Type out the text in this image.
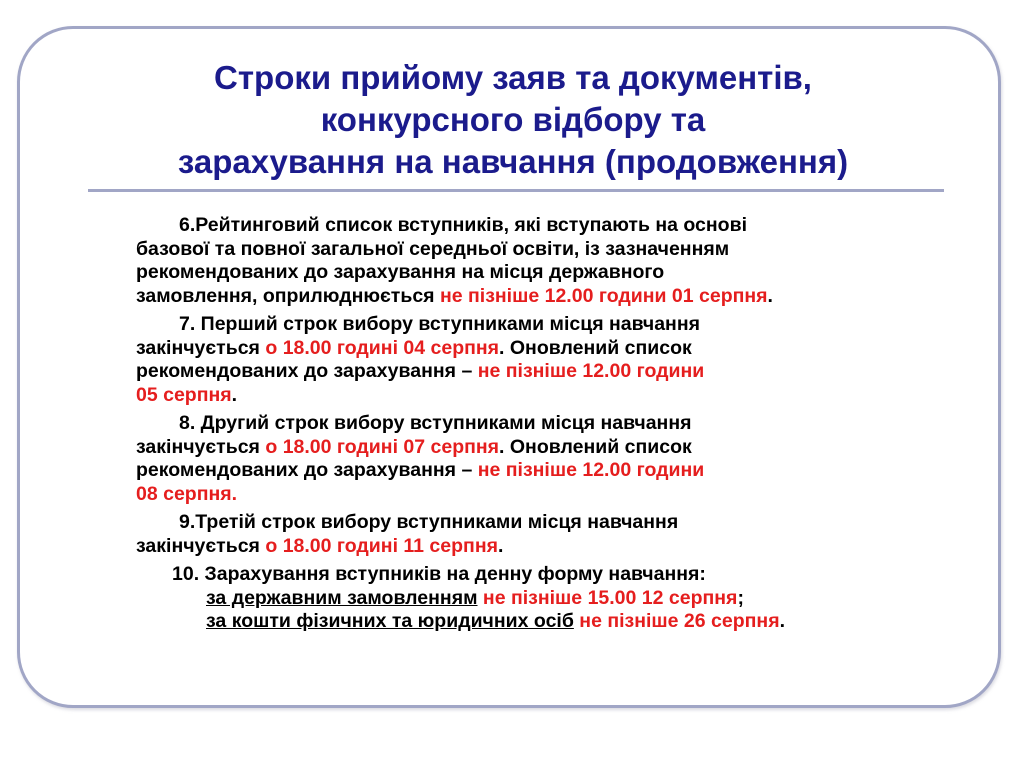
Строки прийому заяв та документів,
конкурсного відбору та
зарахування на навчання (продовження)

6.Рейтинговий список вступників, які вступають на основі

базової та повної загальної середньої освіти, із зазначенням

рекомендованих до зарахування на місця державного

замовлення, оприлюднюється не пізніше 12.00 години 01 серпня.

7. Перший строк вибору вступниками місця навчання

закінчується о 18.00 годині 04 серпня. Оновлений список

рекомендованих до зарахування – не пізніше 12.00 години

05 серпня.

8. Другий строк вибору вступниками місця навчання

закінчується о 18.00 годині 07 серпня. Оновлений список

рекомендованих до зарахування – не пізніше 12.00 години

08 серпня.

9.Третій строк вибору вступниками місця навчання

закінчується о 18.00 годині 11 серпня.

10. Зарахування вступників на денну форму навчання:

за державним замовленням не пізніше 15.00 12 серпня;

за кошти фізичних та юридичних осіб не пізніше 26 серпня.
